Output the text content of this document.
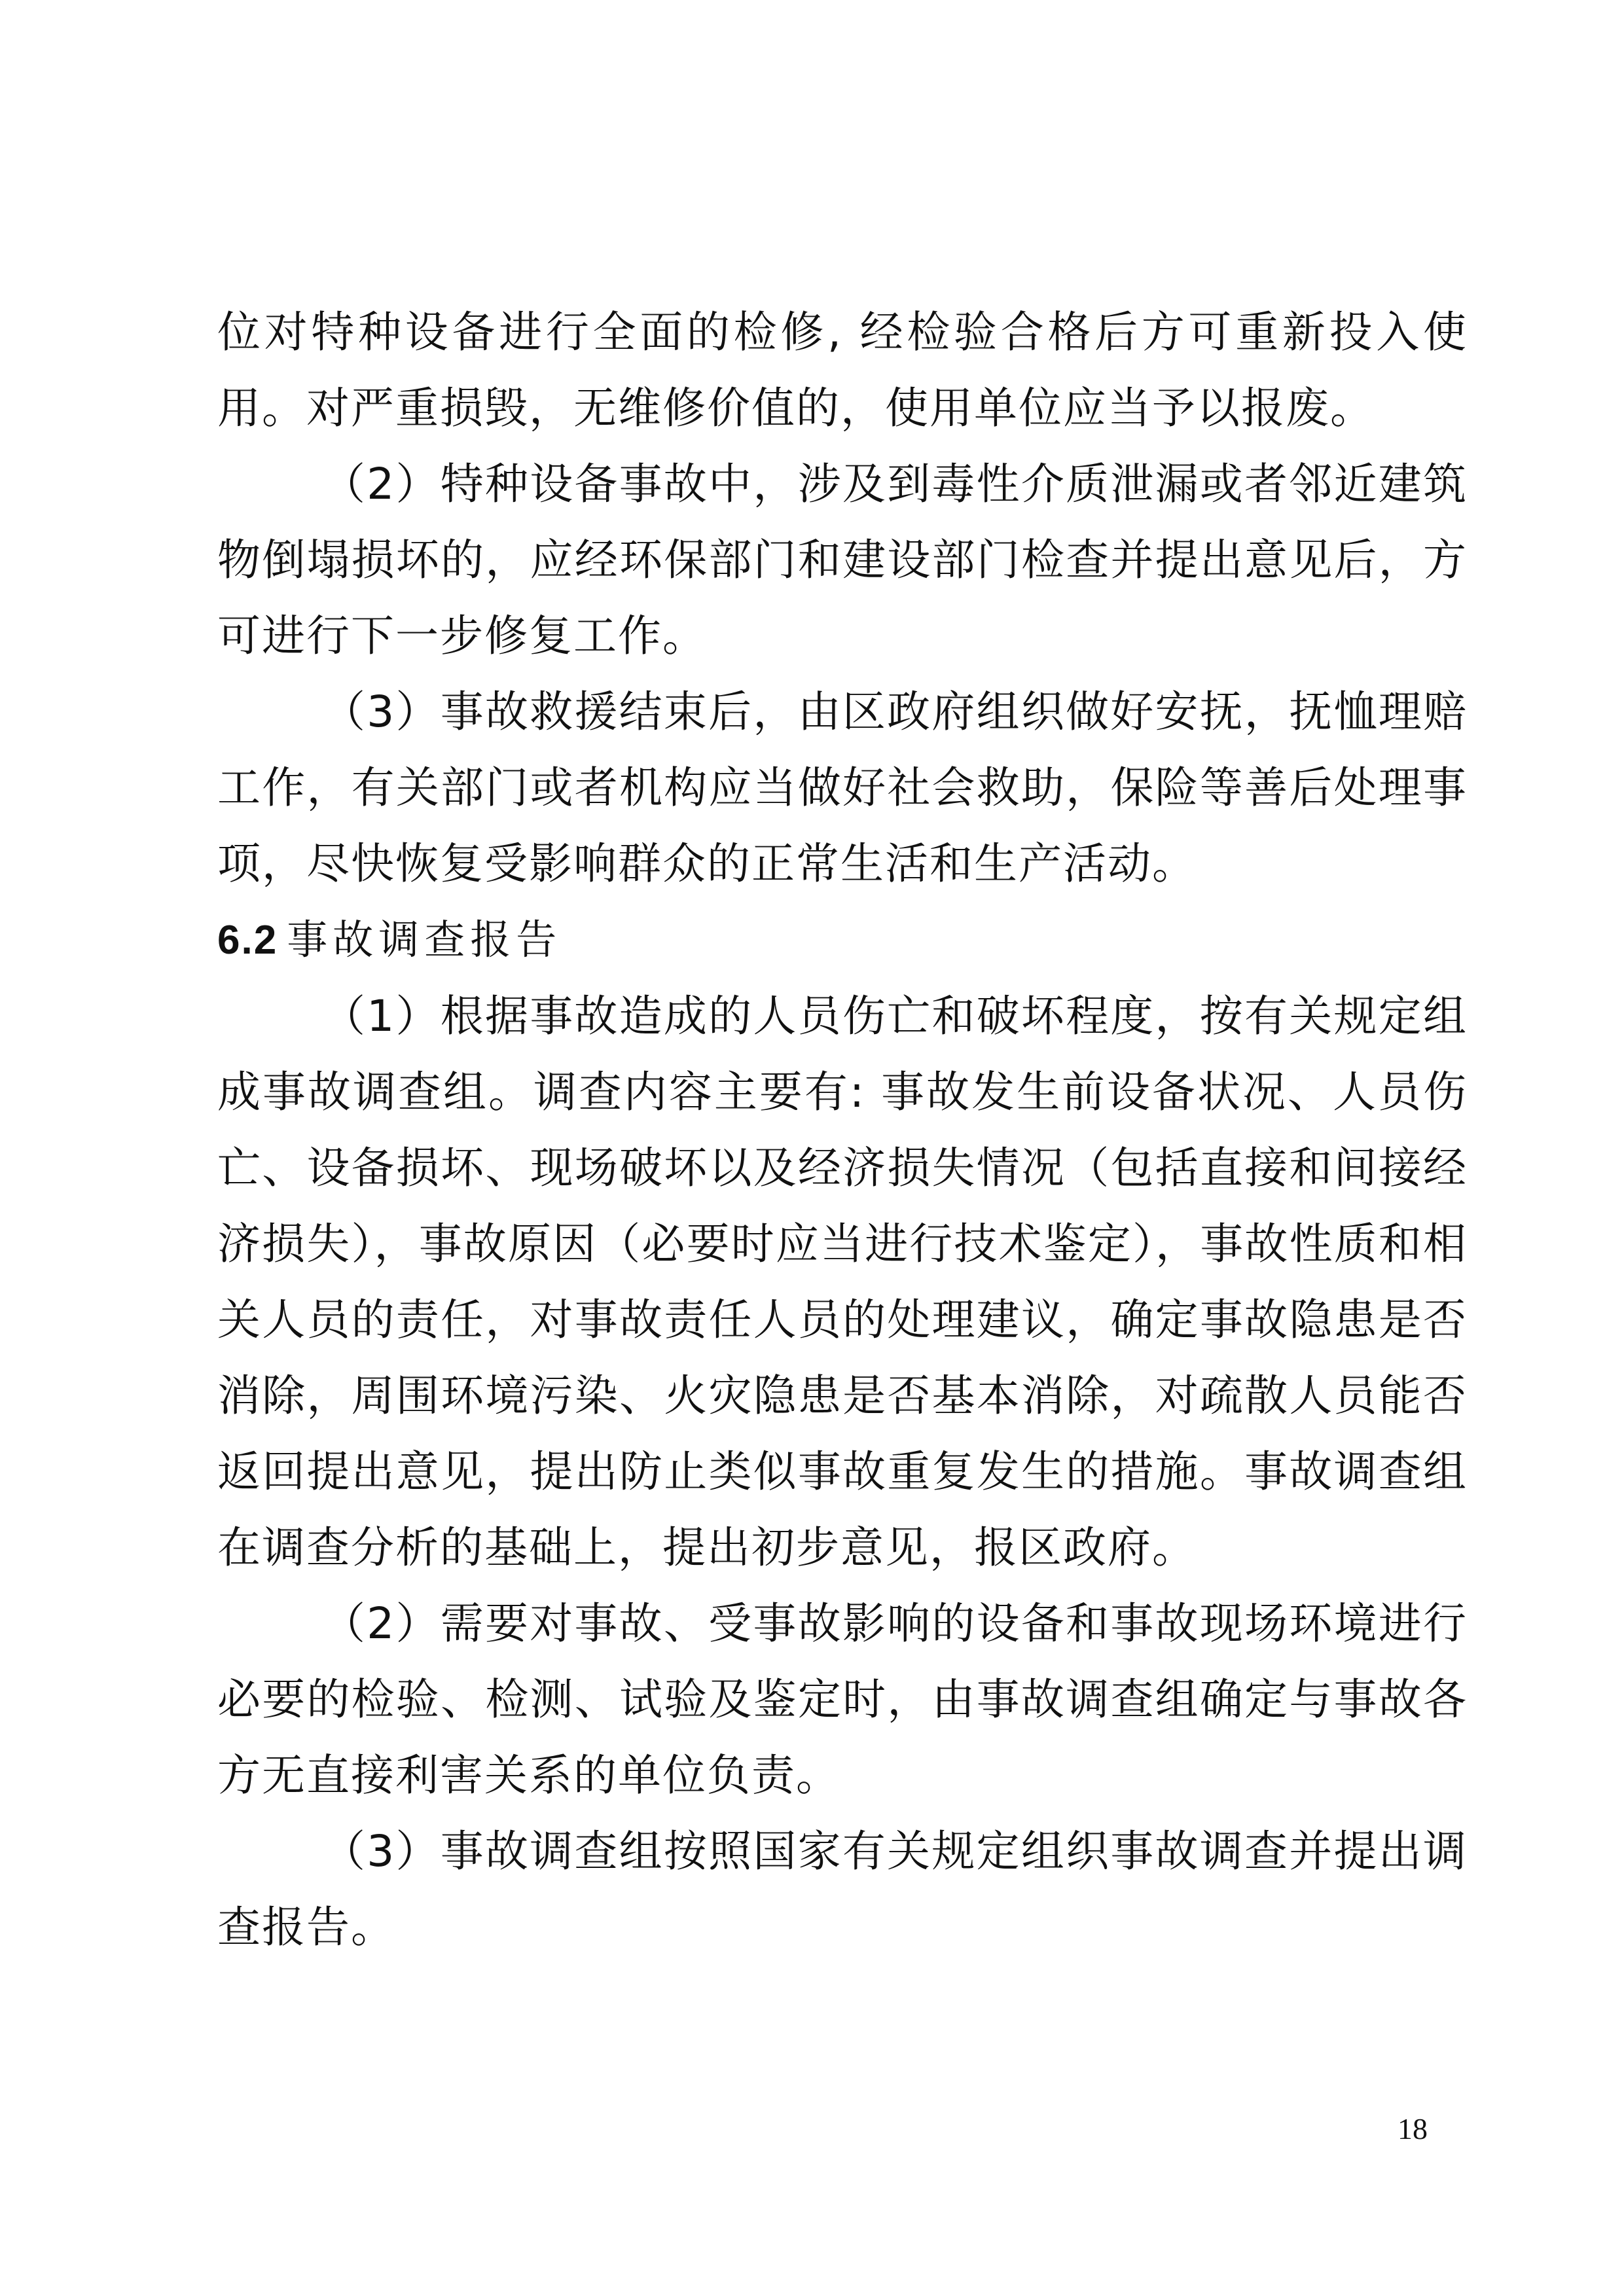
位对特种设备进行全面的检修, 经检验合格后方可重新投入使用。对严重损毁，无维修价值的，使用单位应当予以报废。

（2）特种设备事故中，涉及到毒性介质泄漏或者邻近建筑物倒塌损坏的，应经环保部门和建设部门检查并提出意见后，方可进行下一步修复工作。

（3）事故救援结束后，由区政府组织做好安抚，抚恤理赔工作，有关部门或者机构应当做好社会救助，保险等善后处理事项，尽快恢复受影响群众的正常生活和生产活动。

6.2 事故调查报告

（1）根据事故造成的人员伤亡和破坏程度，按有关规定组成事故调查组。调查内容主要有: 事故发生前设备状况、人员伤亡、设备损坏、现场破坏以及经济损失情况（包括直接和间接经济损失），事故原因（必要时应当进行技术鉴定），事故性质和相关人员的责任，对事故责任人员的处理建议，确定事故隐患是否消除，周围环境污染、火灾隐患是否基本消除，对疏散人员能否返回提出意见，提出防止类似事故重复发生的措施。事故调查组在调查分析的基础上，提出初步意见，报区政府。

（2）需要对事故、受事故影响的设备和事故现场环境进行必要的检验、检测、试验及鉴定时，由事故调查组确定与事故各方无直接利害关系的单位负责。

（3）事故调查组按照国家有关规定组织事故调查并提出调查报告。

18
